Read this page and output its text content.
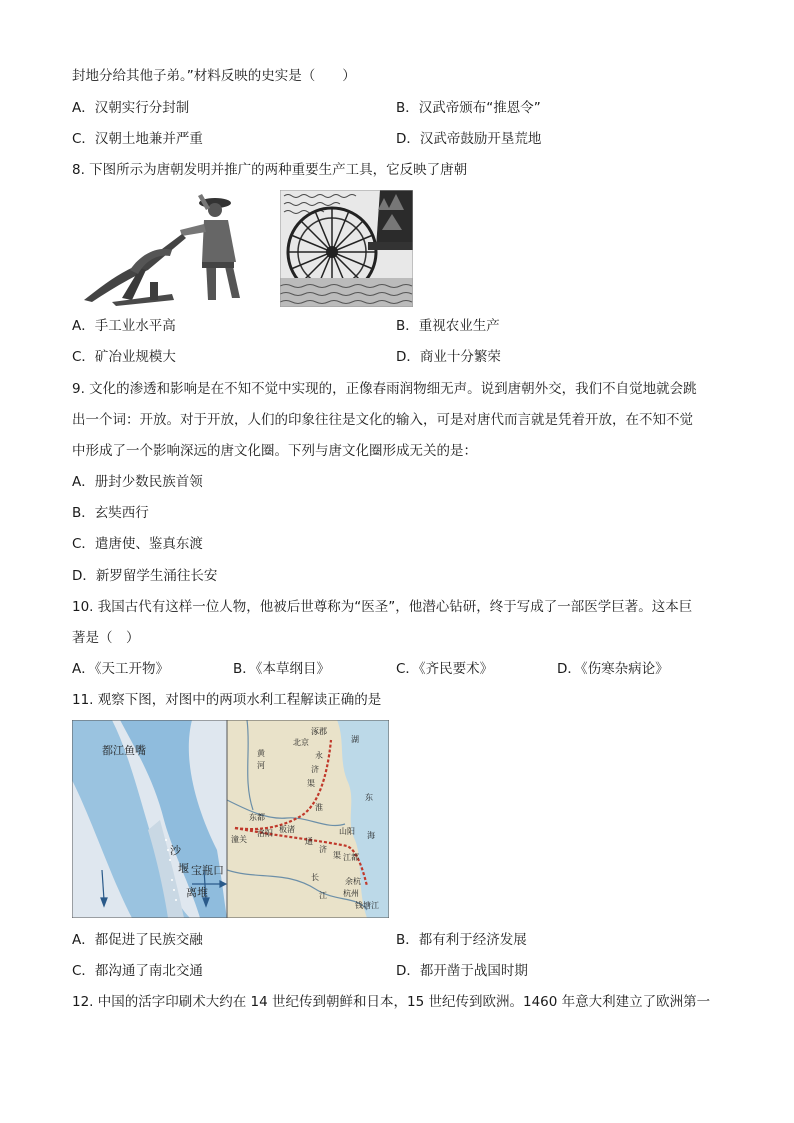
封地分给其他子弟。”材料反映的史实是（　　）
A．汉朝实行分封制	B．汉武帝颁布“推恩令”
C．汉朝土地兼并严重	D．汉武帝鼓励开垦荒地
8. 下图所示为唐朝发明并推广的两种重要生产工具，它反映了唐朝
A．手工业水平高	B．重视农业生产
C．矿冶业规模大	D．商业十分繁荣
9. 文化的渗透和影响是在不知不觉中实现的，正像春雨润物细无声。说到唐朝外交，我们不自觉地就会跳
出一个词：开放。对于开放，人们的印象往往是文化的输入，可是对唐代而言就是凭着开放，在不知不觉
中形成了一个影响深远的唐文化圈。下列与唐文化圈形成无关的是：
A．册封少数民族首领
B．玄奘西行
C．遣唐使、鉴真东渡
D．新罗留学生涌往长安
10. 我国古代有这样一位人物，他被后世尊称为“医圣”，他潜心钻研，终于写成了一部医学巨著。这本巨
著是（　）
A．《天工开物》	B．《本草纲目》	C．《齐民要术》	D．《伤寒杂病论》
11. 观察下图，对图中的两项水利工程解读正确的是
都江鱼嘴
沙
堰 宝瓶口
离堆
涿郡
北京
黄
河
永
济
渠
东都
潼关
洛阳 板渚
通
济
渠
山阳
江都
长
江
余杭
杭州
钱塘江
淮
东
海
湖
A．都促进了民族交融	B．都有利于经济发展
C．都沟通了南北交通	D．都开凿于战国时期
12. 中国的活字印刷术大约在 14 世纪传到朝鲜和日本，15 世纪传到欧洲。1460 年意大利建立了欧洲第一
